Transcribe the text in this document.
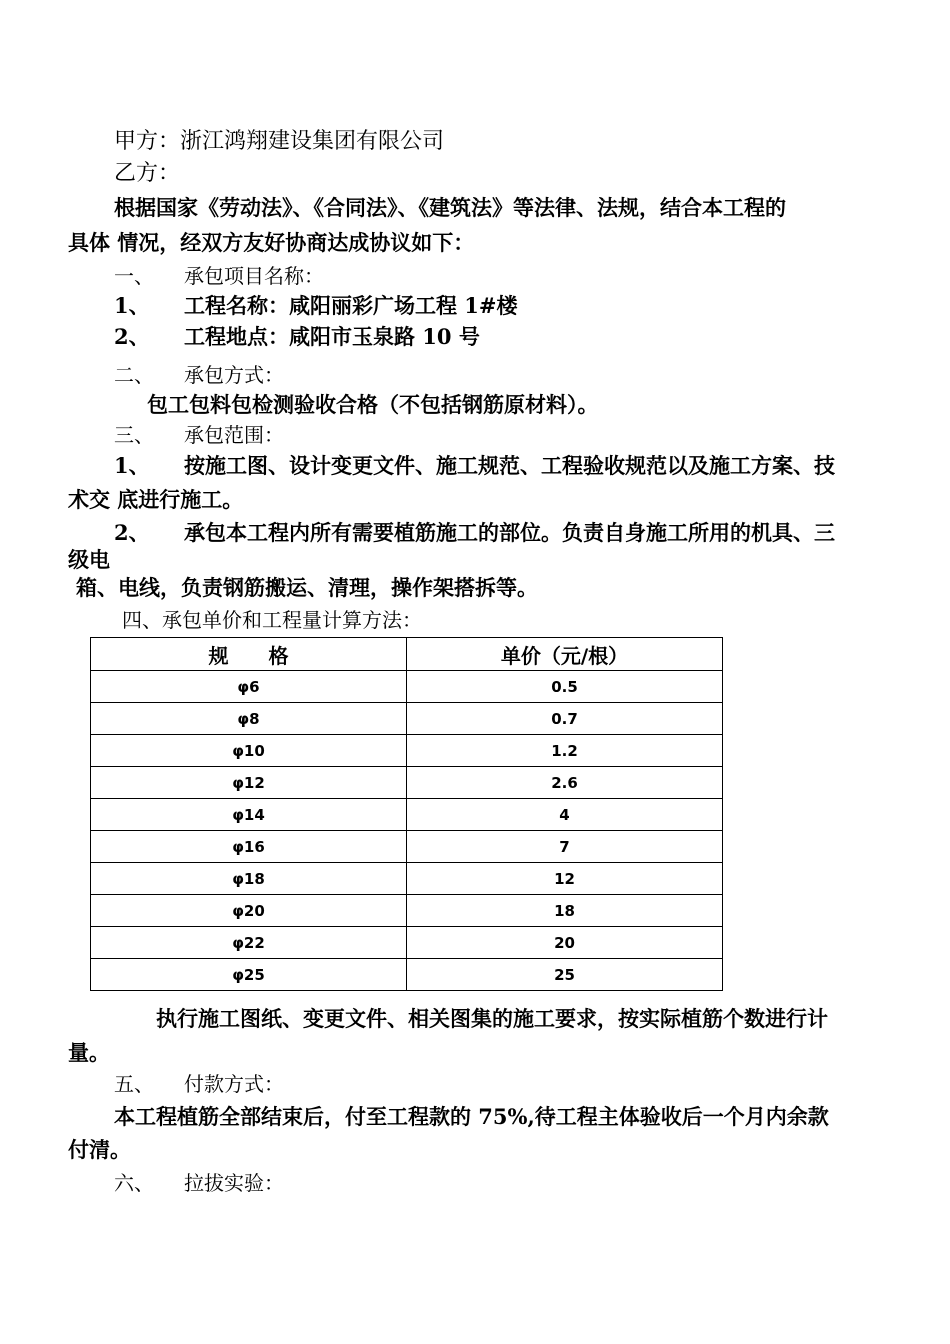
甲方：浙江鸿翔建设集团有限公司
乙方：
根据国家《劳动法》、《合同法》、《建筑法》等法律、法规，结合本工程的
具体 情况，经双方友好协商达成协议如下：
一、 承包项目名称：
1、 工程名称：咸阳丽彩广场工程 1#楼
2、 工程地点：咸阳市玉泉路 10 号
二、 承包方式：
包工包料包检测验收合格（不包括钢筋原材料）。
三、 承包范围：
1、 按施工图、设计变更文件、施工规范、工程验收规范以及施工方案、技
术交 底进行施工。
2、 承包本工程内所有需要植筋施工的部位。负责自身施工所用的机具、三
级电
箱、电线，负责钢筋搬运、清理，操作架搭拆等。
四、承包单价和工程量计算方法：
规　　格	单价（元/根）
φ6	0.5
φ8	0.7
φ10	1.2
φ12	2.6
φ14	4
φ16	7
φ18	12
φ20	18
φ22	20
φ25	25
执行施工图纸、变更文件、相关图集的施工要求，按实际植筋个数进行计
量。
五、 付款方式：
本工程植筋全部结束后，付至工程款的 75%,待工程主体验收后一个月内余款
付清。
六、 拉拔实验：
